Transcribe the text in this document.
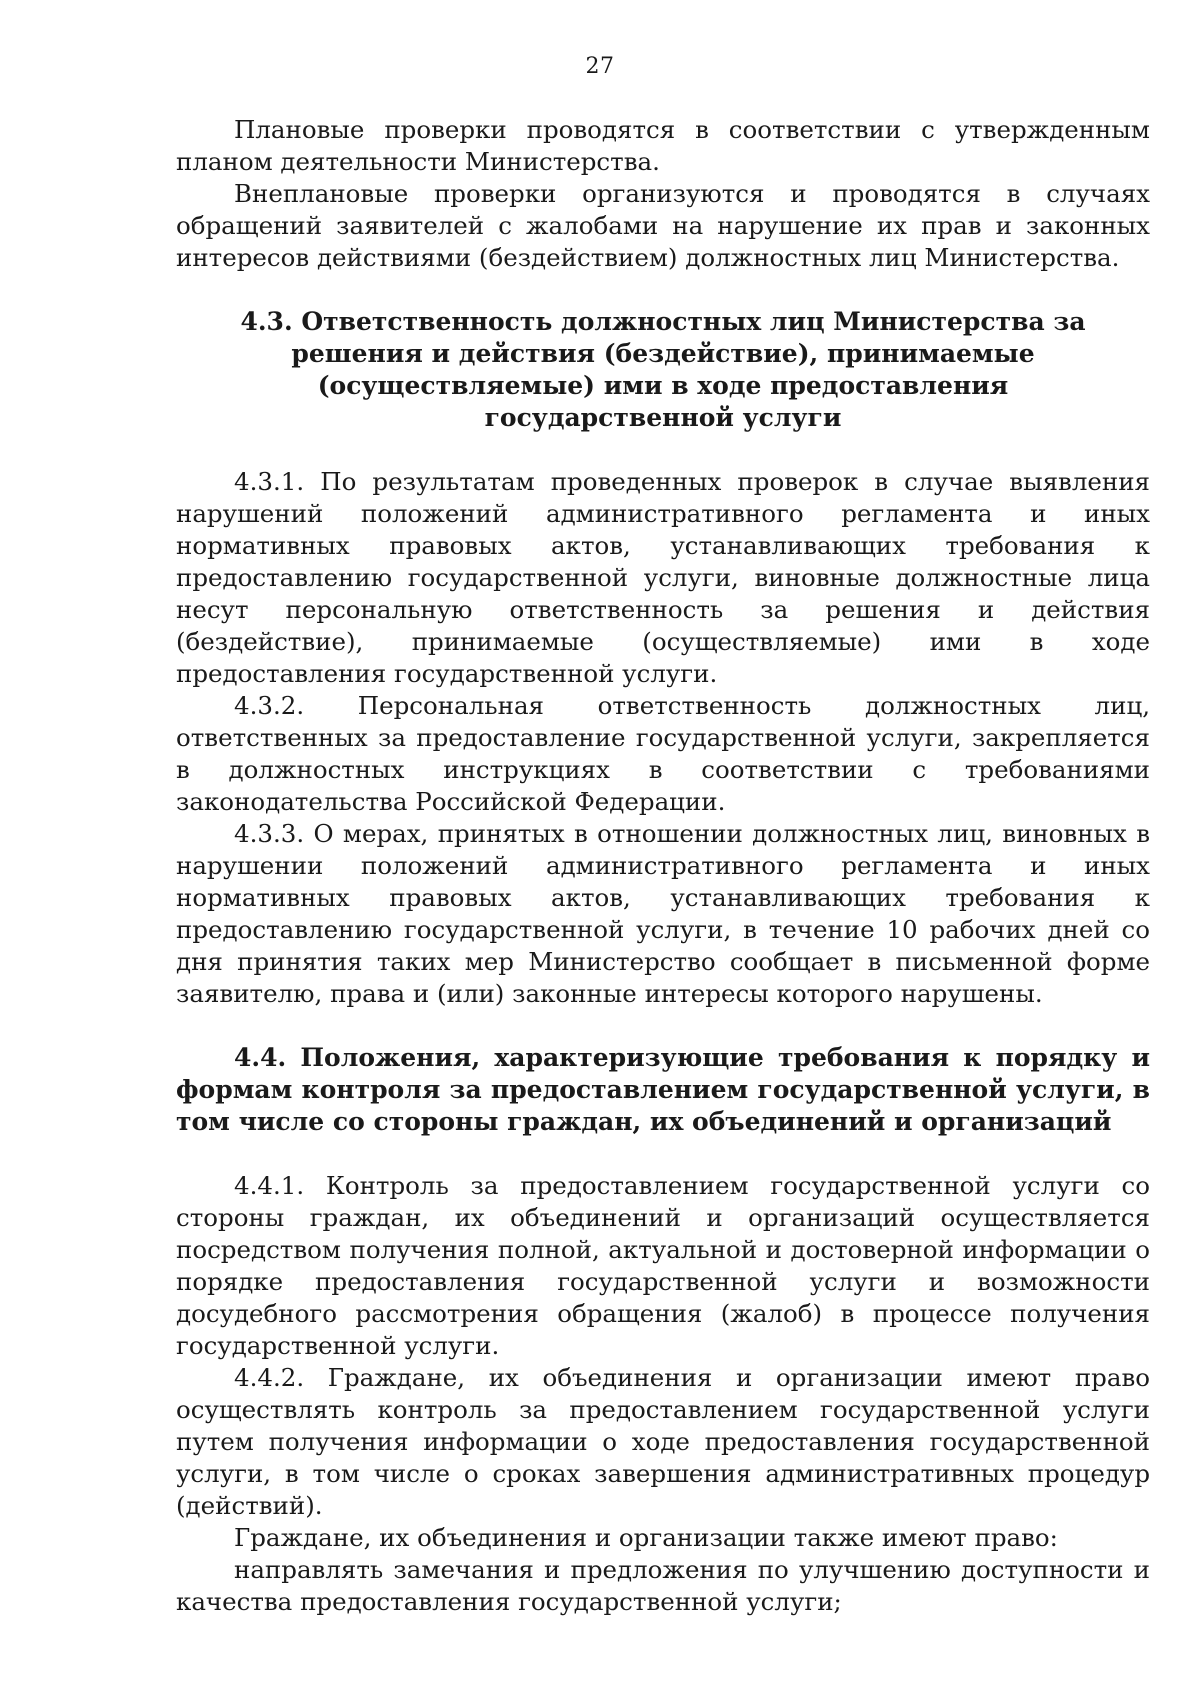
27

Плановые проверки проводятся в соответствии с утвержденным планом деятельности Министерства.

Внеплановые проверки организуются и проводятся в случаях обращений заявителей с жалобами на нарушение их прав и законных интересов действиями (бездействием) должностных лиц Министерства.

4.3. Ответственность должностных лиц Министерства за решения и действия (бездействие), принимаемые (осуществляемые) ими в ходе предоставления государственной услуги

4.3.1. По результатам проведенных проверок в случае выявления нарушений положений административного регламента и иных нормативных правовых актов, устанавливающих требования к предоставлению государственной услуги, виновные должностные лица несут персональную ответственность за решения и действия (бездействие), принимаемые (осуществляемые) ими в ходе предоставления государственной услуги.

4.3.2. Персональная ответственность должностных лиц, ответственных за предоставление государственной услуги, закрепляется в должностных инструкциях в соответствии с требованиями законодательства Российской Федерации.

4.3.3. О мерах, принятых в отношении должностных лиц, виновных в нарушении положений административного регламента и иных нормативных правовых актов, устанавливающих требования к предоставлению государственной услуги, в течение 10 рабочих дней со дня принятия таких мер Министерство сообщает в письменной форме заявителю, права и (или) законные интересы которого нарушены.

4.4. Положения, характеризующие требования к порядку и формам контроля за предоставлением государственной услуги, в том числе со стороны граждан, их объединений и организаций

4.4.1. Контроль за предоставлением государственной услуги со стороны граждан, их объединений и организаций осуществляется посредством получения полной, актуальной и достоверной информации о порядке предоставления государственной услуги и возможности досудебного рассмотрения обращения (жалоб) в процессе получения государственной услуги.

4.4.2. Граждане, их объединения и организации имеют право осуществлять контроль за предоставлением государственной услуги путем получения информации о ходе предоставления государственной услуги, в том числе о сроках завершения административных процедур (действий).

Граждане, их объединения и организации также имеют право:

направлять замечания и предложения по улучшению доступности и качества предоставления государственной услуги;
